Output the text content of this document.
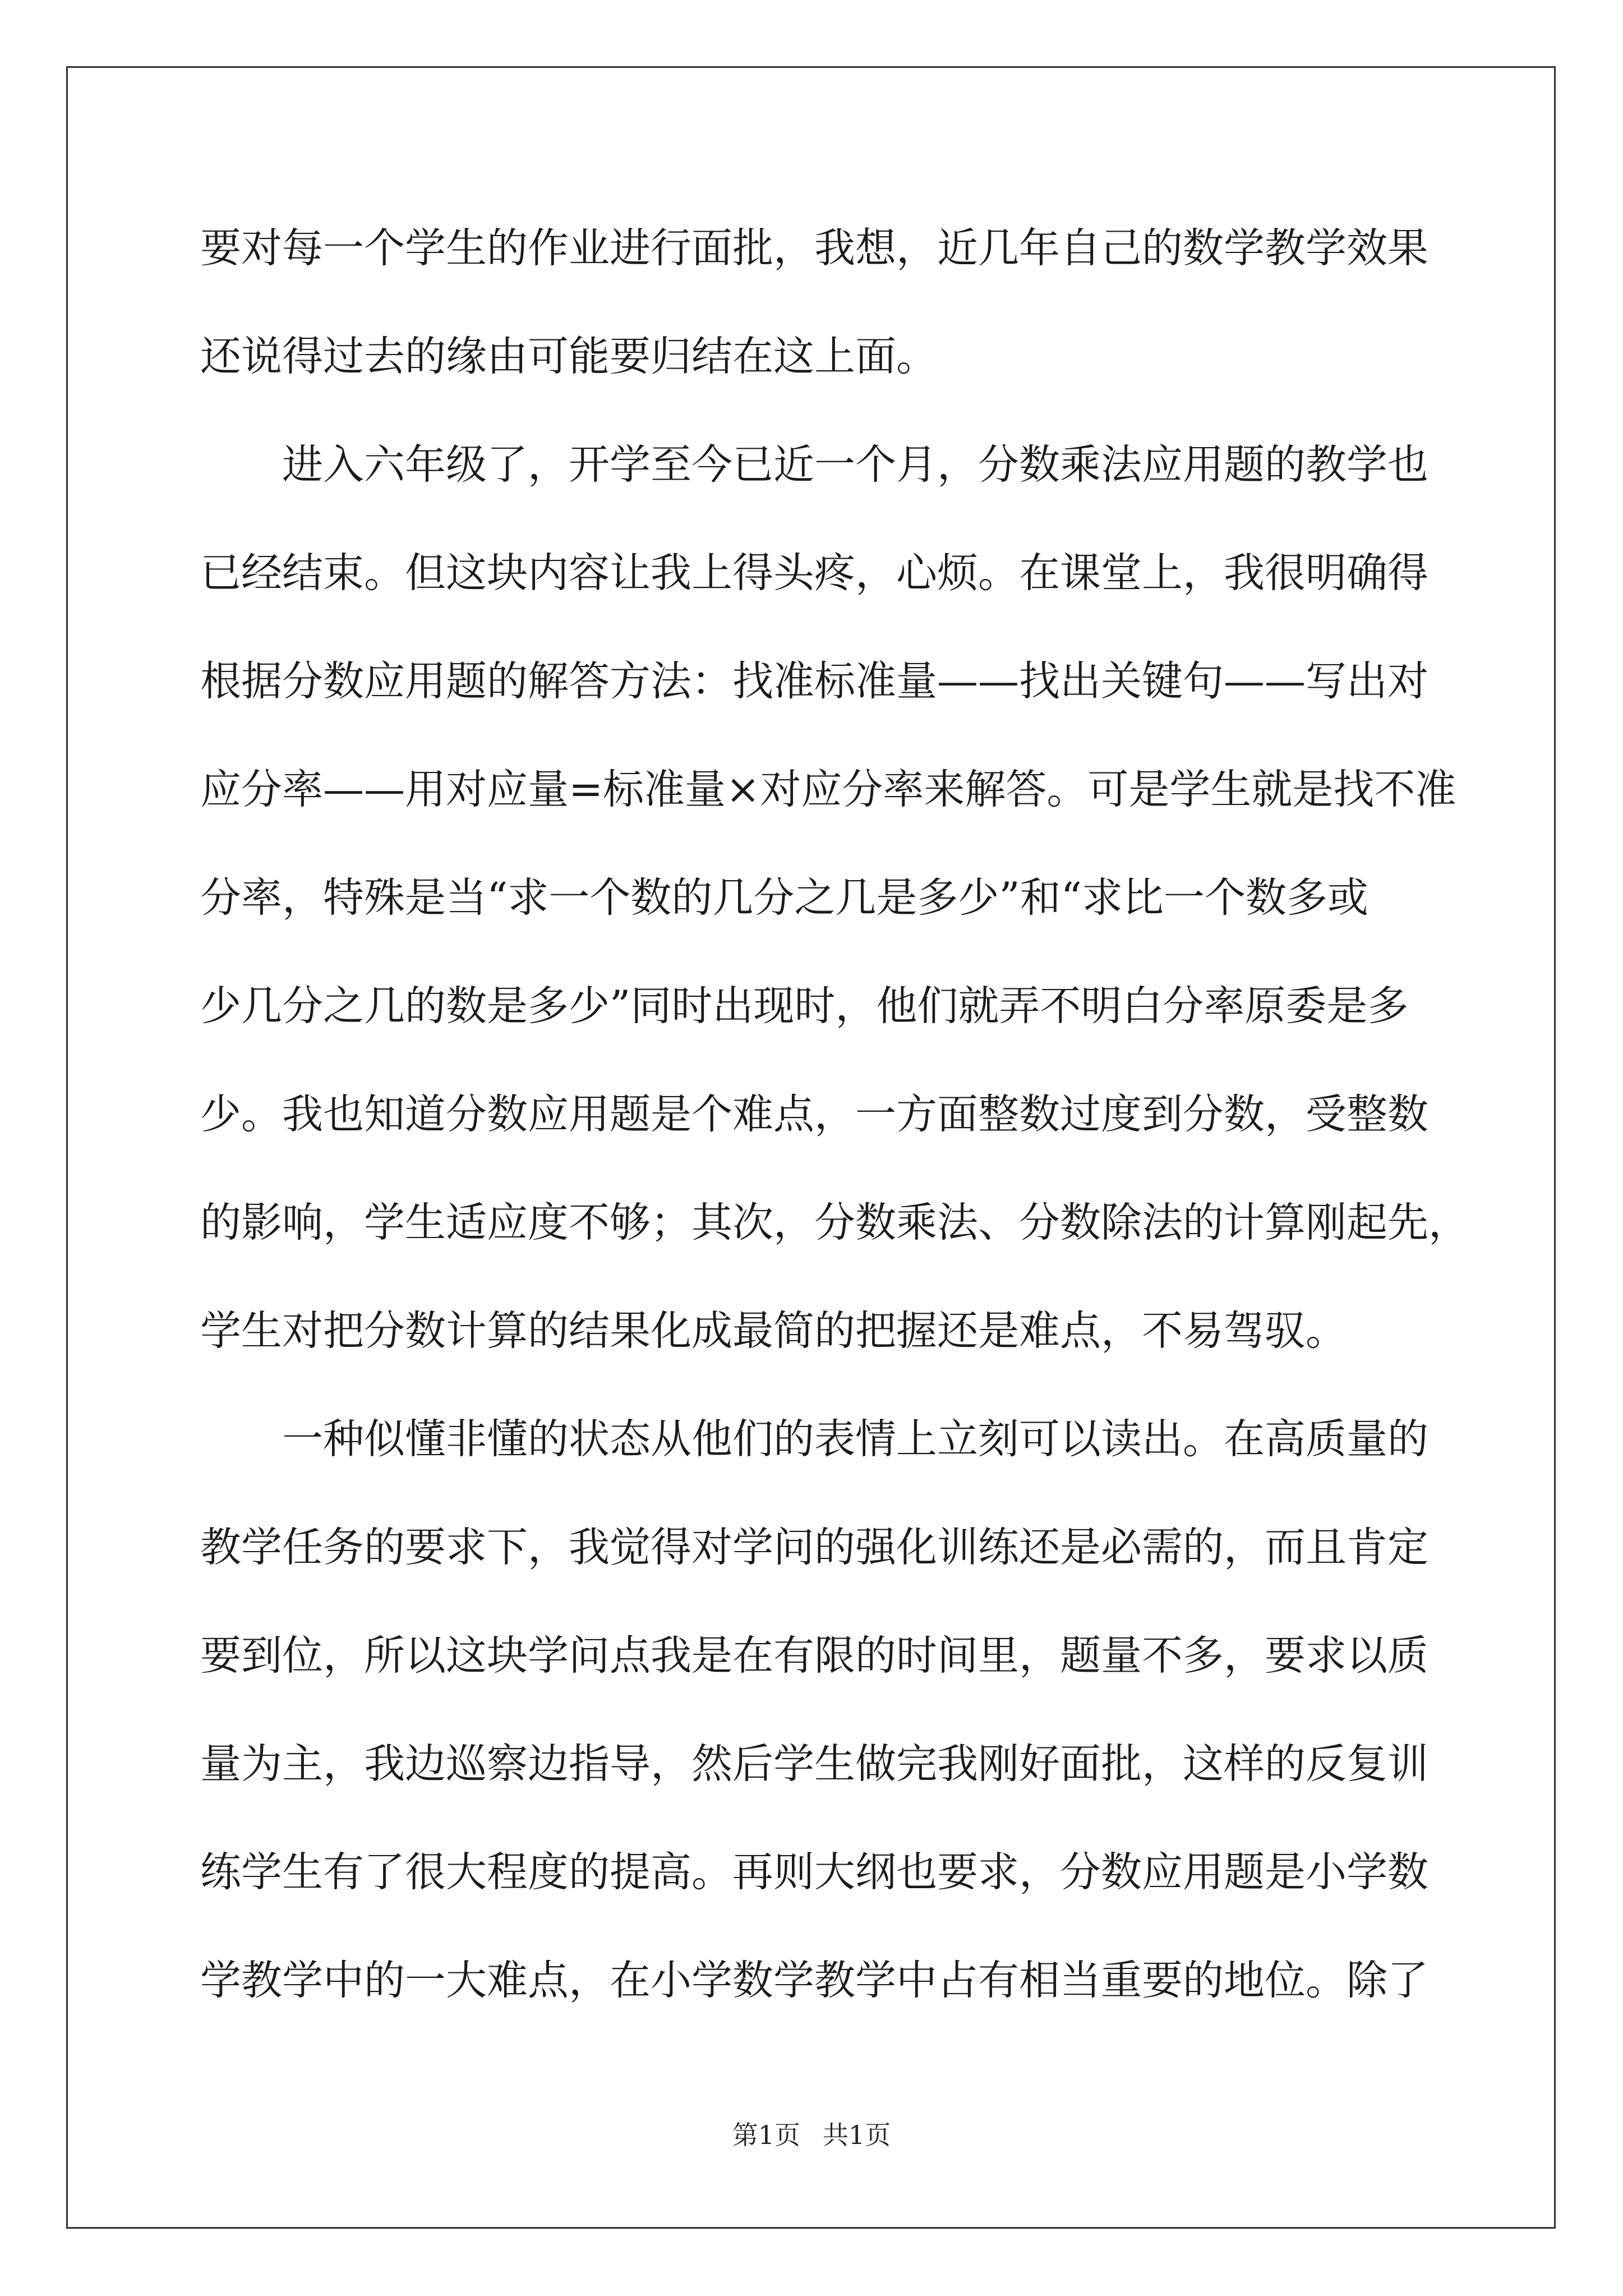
要对每一个学生的作业进行面批，我想，近几年自己的数学教学效果
还说得过去的缘由可能要归结在这上面。
　　进入六年级了，开学至今已近一个月，分数乘法应用题的教学也
已经结束。但这块内容让我上得头疼，心烦。在课堂上，我很明确得
根据分数应用题的解答方法：找准标准量——找出关键句——写出对
应分率——用对应量=标准量×对应分率来解答。可是学生就是找不准
分率，特殊是当“求一个数的几分之几是多少”和“求比一个数多或
少几分之几的数是多少”同时出现时，他们就弄不明白分率原委是多
少。我也知道分数应用题是个难点，一方面整数过度到分数，受整数
的影响，学生适应度不够；其次，分数乘法、分数除法的计算刚起先，
学生对把分数计算的结果化成最简的把握还是难点，不易驾驭。
　　一种似懂非懂的状态从他们的表情上立刻可以读出。在高质量的
教学任务的要求下，我觉得对学问的强化训练还是必需的，而且肯定
要到位，所以这块学问点我是在有限的时间里，题量不多，要求以质
量为主，我边巡察边指导，然后学生做完我刚好面批，这样的反复训
练学生有了很大程度的提高。再则大纲也要求，分数应用题是小学数
学教学中的一大难点，在小学数学教学中占有相当重要的地位。除了
第1页 共1页
